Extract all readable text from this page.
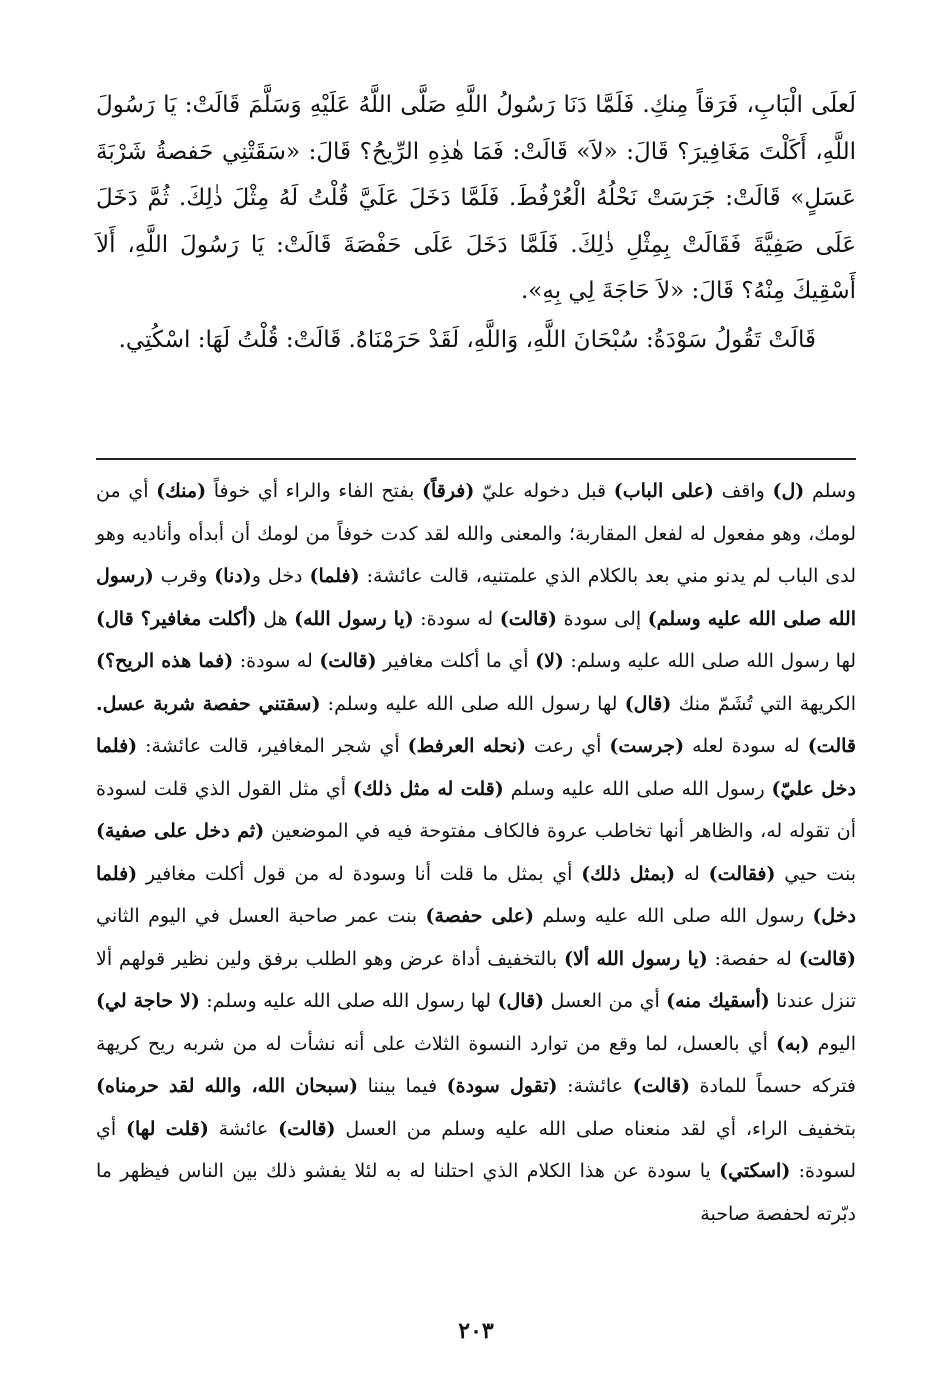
لَعلَى الْبَابِ، فَرَقاً مِنكِ. فَلَمَّا دَنَا رَسُولُ اللَّهِ صَلَّى اللَّهُ عَلَيْهِ وَسَلَّمَ قَالَتْ: يَا رَسُولَ اللَّهِ، أَكَلْتَ مَغَافِيرَ؟ قَالَ: «لاَ» قَالَتْ: فَمَا هٰذِهِ الرِّيحُ؟ قَالَ: «سَقَتْنِي حَفصةُ شَرْبَةَ عَسَلٍ» قَالَتْ: جَرَسَتْ نَحْلُهُ الْعُرْفُطَ. فَلَمَّا دَخَلَ عَلَيَّ قُلْتُ لَهُ مِثْلَ ذٰلِكَ. ثُمَّ دَخَلَ عَلَى صَفِيَّةَ فَقَالَتْ بِمِثْلِ ذٰلِكَ. فَلَمَّا دَخَلَ عَلَى حَفْصَةَ قَالَتْ: يَا رَسُولَ اللَّهِ، أَلاَ أَسْقِيكَ مِنْهُ؟ قَالَ: «لاَ حَاجَةَ لِي بِهِ».

قَالَتْ تَقُولُ سَوْدَةُ: سُبْحَانَ اللَّهِ، وَاللَّهِ، لَقَدْ حَرَمْنَاهُ. قَالَتْ: قُلْتُ لَهَا: اسْكُتِي.

وسلم (ل) واقف (على الباب) قبل دخوله عليّ (فرقاً) بفتح الفاء والراء أي خوفاً (منك) أي من لومك، وهو مفعول له لفعل المقاربة؛ والمعنى والله لقد كدت خوفاً من لومك أن أبدأه وأناديه وهو لدى الباب لم يدنو مني بعد بالكلام الذي علمتنيه، قالت عائشة: (فلما) دخل و(دنا) وقرب (رسول الله صلى الله عليه وسلم) إلى سودة (قالت) له سودة: (يا رسول الله) هل (أكلت مغافير؟ قال) لها رسول الله صلى الله عليه وسلم: (لا) أي ما أكلت مغافير (قالت) له سودة: (فما هذه الريح؟) الكريهة التي تُشَمّ منك (قال) لها رسول الله صلى الله عليه وسلم: (سقتني حفصة شربة عسل. قالت) له سودة لعله (جرست) أي رعت (نحله العرفط) أي شجر المغافير، قالت عائشة: (فلما دخل عليّ) رسول الله صلى الله عليه وسلم (قلت له مثل ذلك) أي مثل القول الذي قلت لسودة أن تقوله له، والظاهر أنها تخاطب عروة فالكاف مفتوحة فيه في الموضعين (ثم دخل على صفية) بنت حيي (فقالت) له (بمثل ذلك) أي بمثل ما قلت أنا وسودة له من قول أكلت مغافير (فلما دخل) رسول الله صلى الله عليه وسلم (على حفصة) بنت عمر صاحبة العسل في اليوم الثاني (قالت) له حفصة: (يا رسول الله ألا) بالتخفيف أداة عرض وهو الطلب برفق ولين نظير قولهم ألا تنزل عندنا (أسقيك منه) أي من العسل (قال) لها رسول الله صلى الله عليه وسلم: (لا حاجة لي) اليوم (به) أي بالعسل، لما وقع من توارد النسوة الثلاث على أنه نشأت له من شربه ريح كريهة فتركه حسماً للمادة (قالت) عائشة: (تقول سودة) فيما بيننا (سبحان الله، والله لقد حرمناه) بتخفيف الراء، أي لقد منعناه صلى الله عليه وسلم من العسل (قالت) عائشة (قلت لها) أي لسودة: (اسكتي) يا سودة عن هذا الكلام الذي احتلنا له به لئلا يفشو ذلك بين الناس فيظهر ما دبّرته لحفصة صاحبة

٢٠٣
